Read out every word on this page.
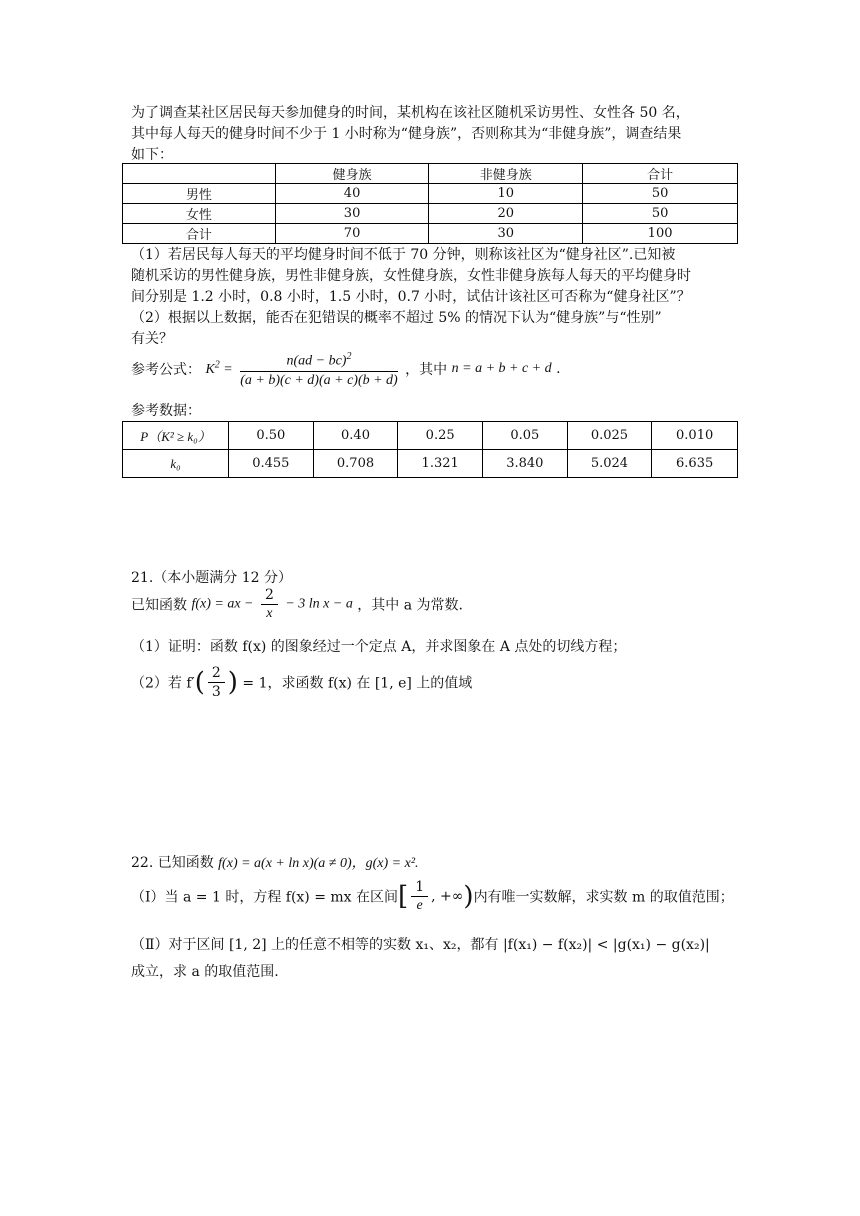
为了调查某社区居民每天参加健身的时间，某机构在该社区随机采访男性、女性各 50 名，
其中每人每天的健身时间不少于 1 小时称为“健身族”，否则称其为“非健身族”，调查结果
如下：
	健身族	非健身族	合计
男性	40	10	50
女性	30	20	50
合计	70	30	100
（1）若居民每人每天的平均健身时间不低于 70 分钟，则称该社区为“健身社区”.已知被
随机采访的男性健身族，男性非健身族，女性健身族，女性非健身族每人每天的平均健身时
间分别是 1.2 小时，0.8 小时，1.5 小时，0.7 小时，试估计该社区可否称为“健身社区”？
（2）根据以上数据，能否在犯错误的概率不超过 5% 的情况下认为“健身族”与“性别”
有关？
参考公式： $K^2 = \frac{n(ad - bc)^2}{(a + b)(c + d)(a + c)(b + d)}$ ，其中 n = a + b + c + d .
参考数据：
P（K² ≥ k₀）	0.50	0.40	0.25	0.05	0.025	0.010
k₀	0.455	0.708	1.321	3.840	5.024	6.635
21.（本小题满分 12 分）
已知函数 f(x) = ax − $\frac{2}{x} - 3$ ln x − a ，其中 a 为常数.
（1）证明：函数 f(x) 的图象经过一个定点 A，并求图象在 A 点处的切线方程；
（2）若 $f'( \frac{2}{3}$ ) = 1，求函数 f(x) 在 [1, e] 上的值域
22. 已知函数 f(x) = a(x + ln x)(a ≠ 0)，g(x) = x².
（Ⅰ）当 a = 1 时，方程 f(x) = mx 在区间[ $\frac{1}{e}$ , +∞)内有唯一实数解，求实数 m 的取值范围；
（Ⅱ）对于区间 [1, 2] 上的任意不相等的实数 x₁、x₂，都有 |f(x₁) − f(x₂)| < |g(x₁) − g(x₂)|
成立，求 a 的取值范围.
